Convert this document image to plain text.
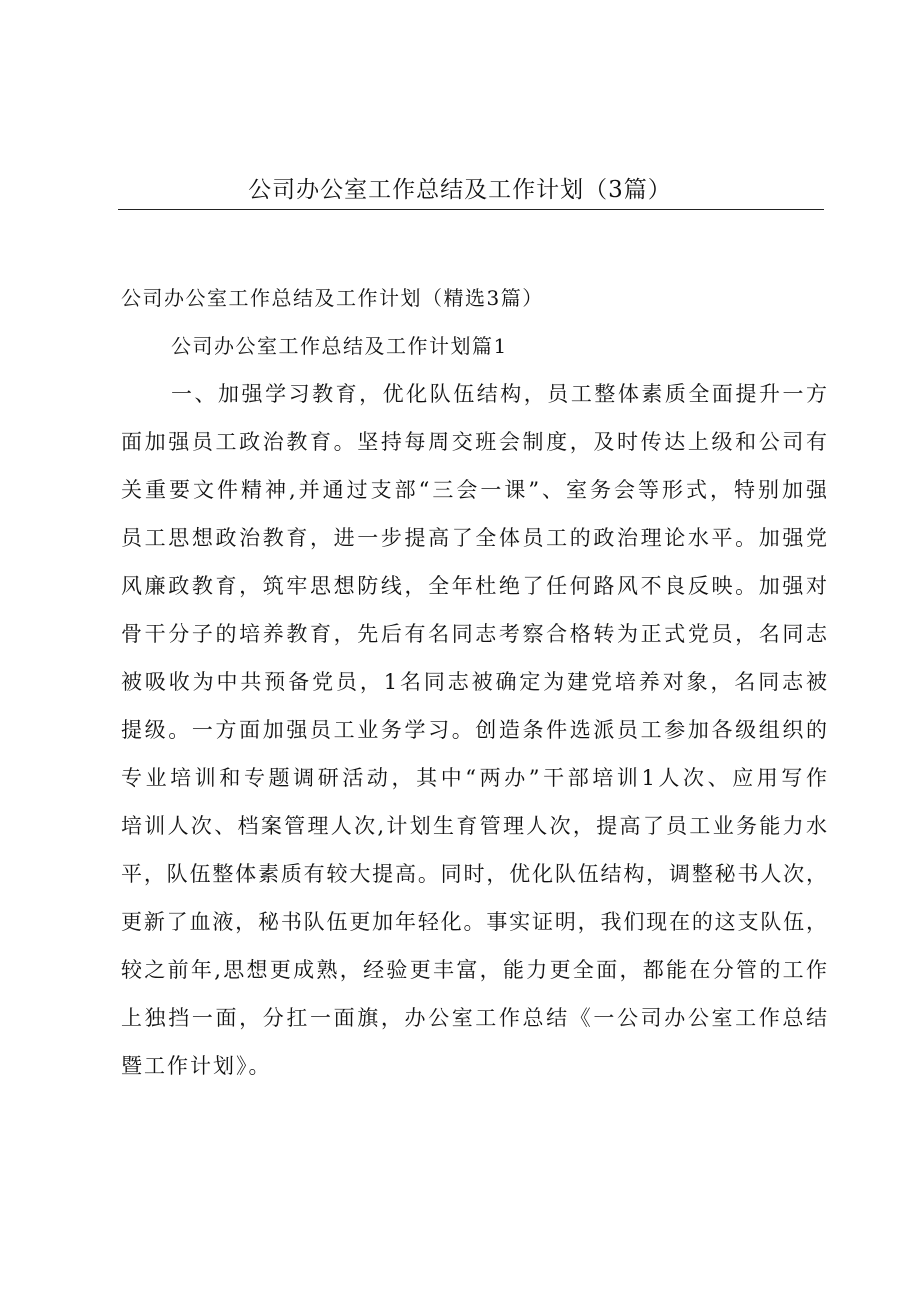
公司办公室工作总结及工作计划（3篇）
公司办公室工作总结及工作计划（精选3篇）
公司办公室工作总结及工作计划篇1
一、加强学习教育，优化队伍结构，员工整体素质全面提升一方
面加强员工政治教育。坚持每周交班会制度，及时传达上级和公司有
关重要文件精神,并通过支部“三会一课”、室务会等形式，特别加强
员工思想政治教育，进一步提高了全体员工的政治理论水平。加强党
风廉政教育，筑牢思想防线，全年杜绝了任何路风不良反映。加强对
骨干分子的培养教育，先后有名同志考察合格转为正式党员，名同志
被吸收为中共预备党员，1名同志被确定为建党培养对象，名同志被
提级。一方面加强员工业务学习。创造条件选派员工参加各级组织的
专业培训和专题调研活动，其中“两办”干部培训1人次、应用写作
培训人次、档案管理人次,计划生育管理人次，提高了员工业务能力水
平，队伍整体素质有较大提高。同时，优化队伍结构，调整秘书人次，
更新了血液，秘书队伍更加年轻化。事实证明，我们现在的这支队伍，
较之前年,思想更成熟，经验更丰富，能力更全面，都能在分管的工作
上独挡一面，分扛一面旗，办公室工作总结《一公司办公室工作总结
暨工作计划》。
